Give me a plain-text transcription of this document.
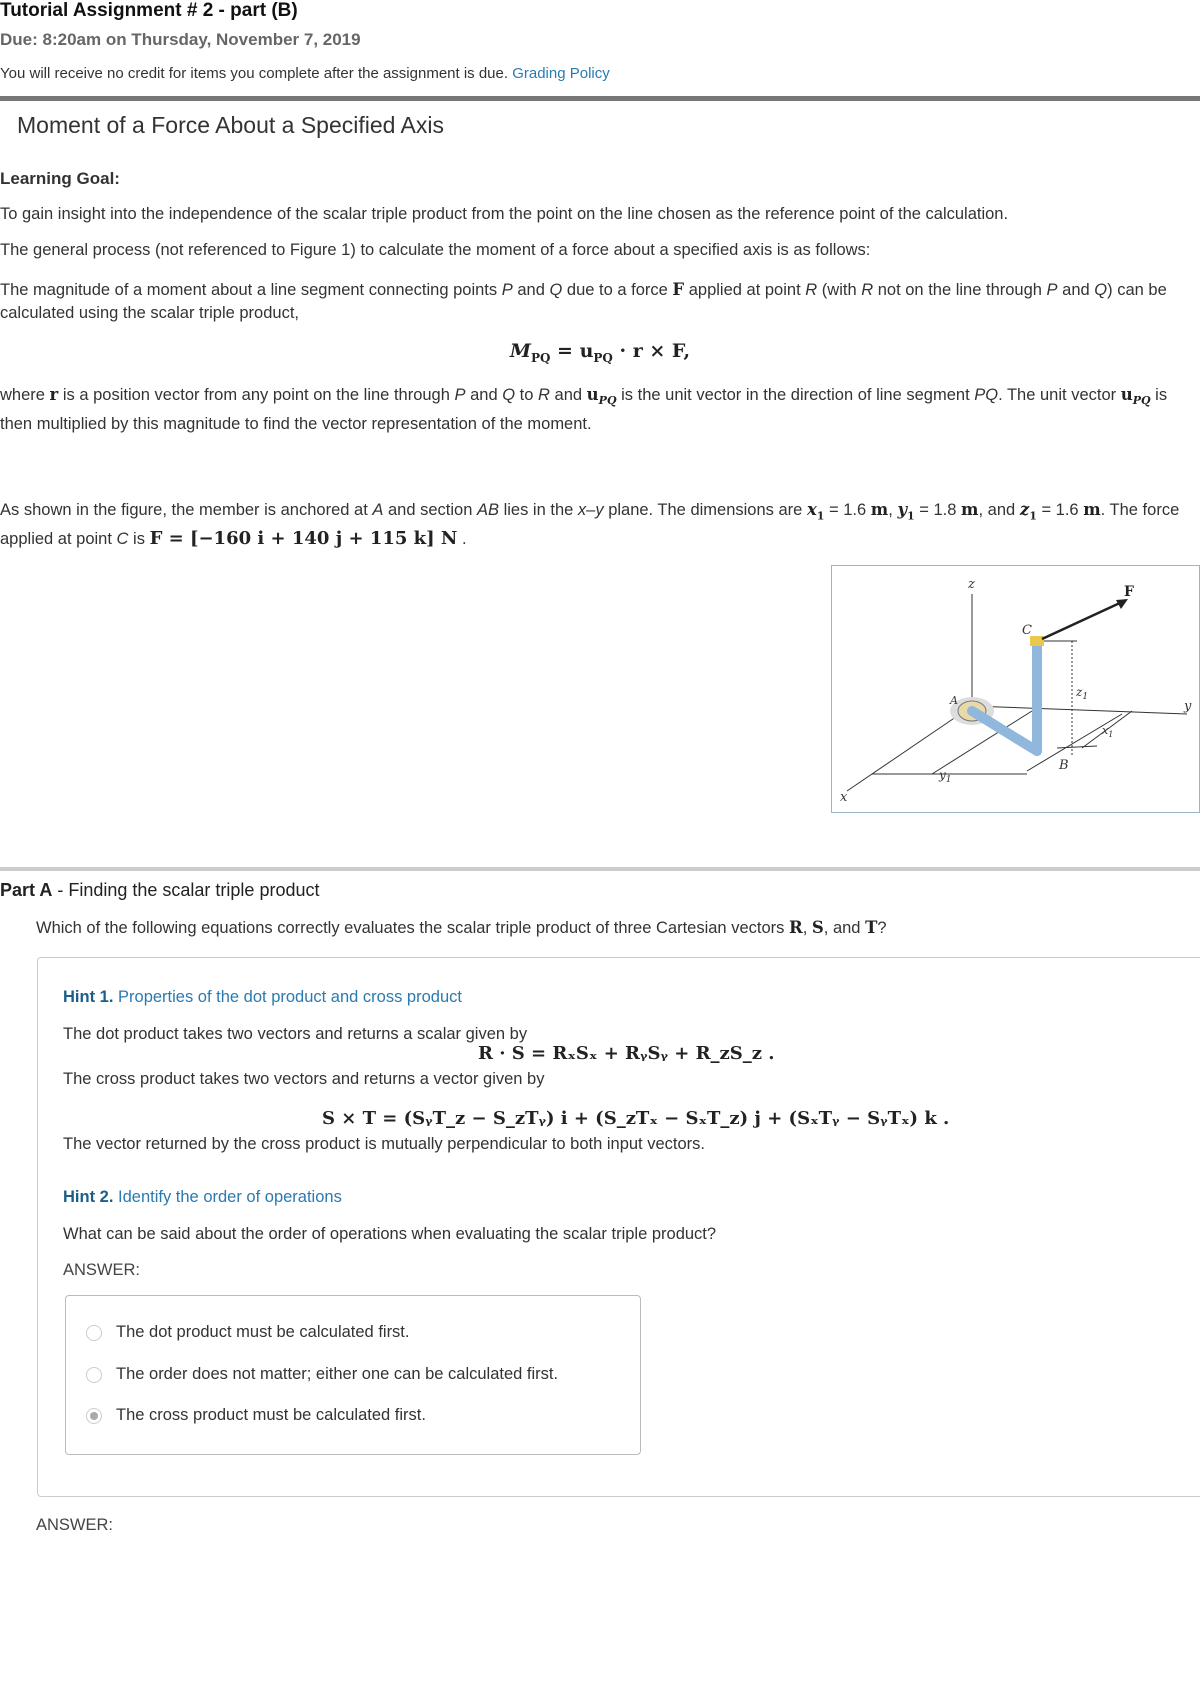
Tutorial Assignment # 2 - part (B)
Due: 8:20am on Thursday, November 7, 2019
You will receive no credit for items you complete after the assignment is due. Grading Policy
Moment of a Force About a Specified Axis
Learning Goal:
To gain insight into the independence of the scalar triple product from the point on the line chosen as the reference point of the calculation.
The general process (not referenced to Figure 1) to calculate the moment of a force about a specified axis is as follows:
The magnitude of a moment about a line segment connecting points P and Q due to a force F applied at point R (with R not on the line through P and Q) can be calculated using the scalar triple product,
$M_{PQ} = u_{PQ} \cdot r \times F$,
where r is a position vector from any point on the line through P and Q to R and $u_{PQ}$ is the unit vector in the direction of line segment PQ. The unit vector $u_{PQ}$ is then multiplied by this magnitude to find the vector representation of the moment.
As shown in the figure, the member is anchored at A and section AB lies in the x–y plane. The dimensions are $x_1 = 1.6$ m, $y_1 = 1.8$ m, and $z_1 = 1.6$ m. The force applied at point C is F = [−160 i + 140 j + 115 k] N .
z
y
x
F
A
B
C
$z_1$
$x_1$
$y_1$
Part A - Finding the scalar triple product
Which of the following equations correctly evaluates the scalar triple product of three Cartesian vectors R, S, and T?
Hint 1. Properties of the dot product and cross product
The dot product takes two vectors and returns a scalar given by
R · S = RₓSₓ + RᵧSᵧ + R_zS_z .
The cross product takes two vectors and returns a vector given by
S × T = (SᵧT_z − S_zTᵧ) i + (S_zTₓ − SₓT_z) j + (SₓTᵧ − SᵧTₓ) k .
The vector returned by the cross product is mutually perpendicular to both input vectors.
Hint 2. Identify the order of operations
What can be said about the order of operations when evaluating the scalar triple product?
ANSWER:
The dot product must be calculated first.
The order does not matter; either one can be calculated first.
The cross product must be calculated first.
ANSWER:
